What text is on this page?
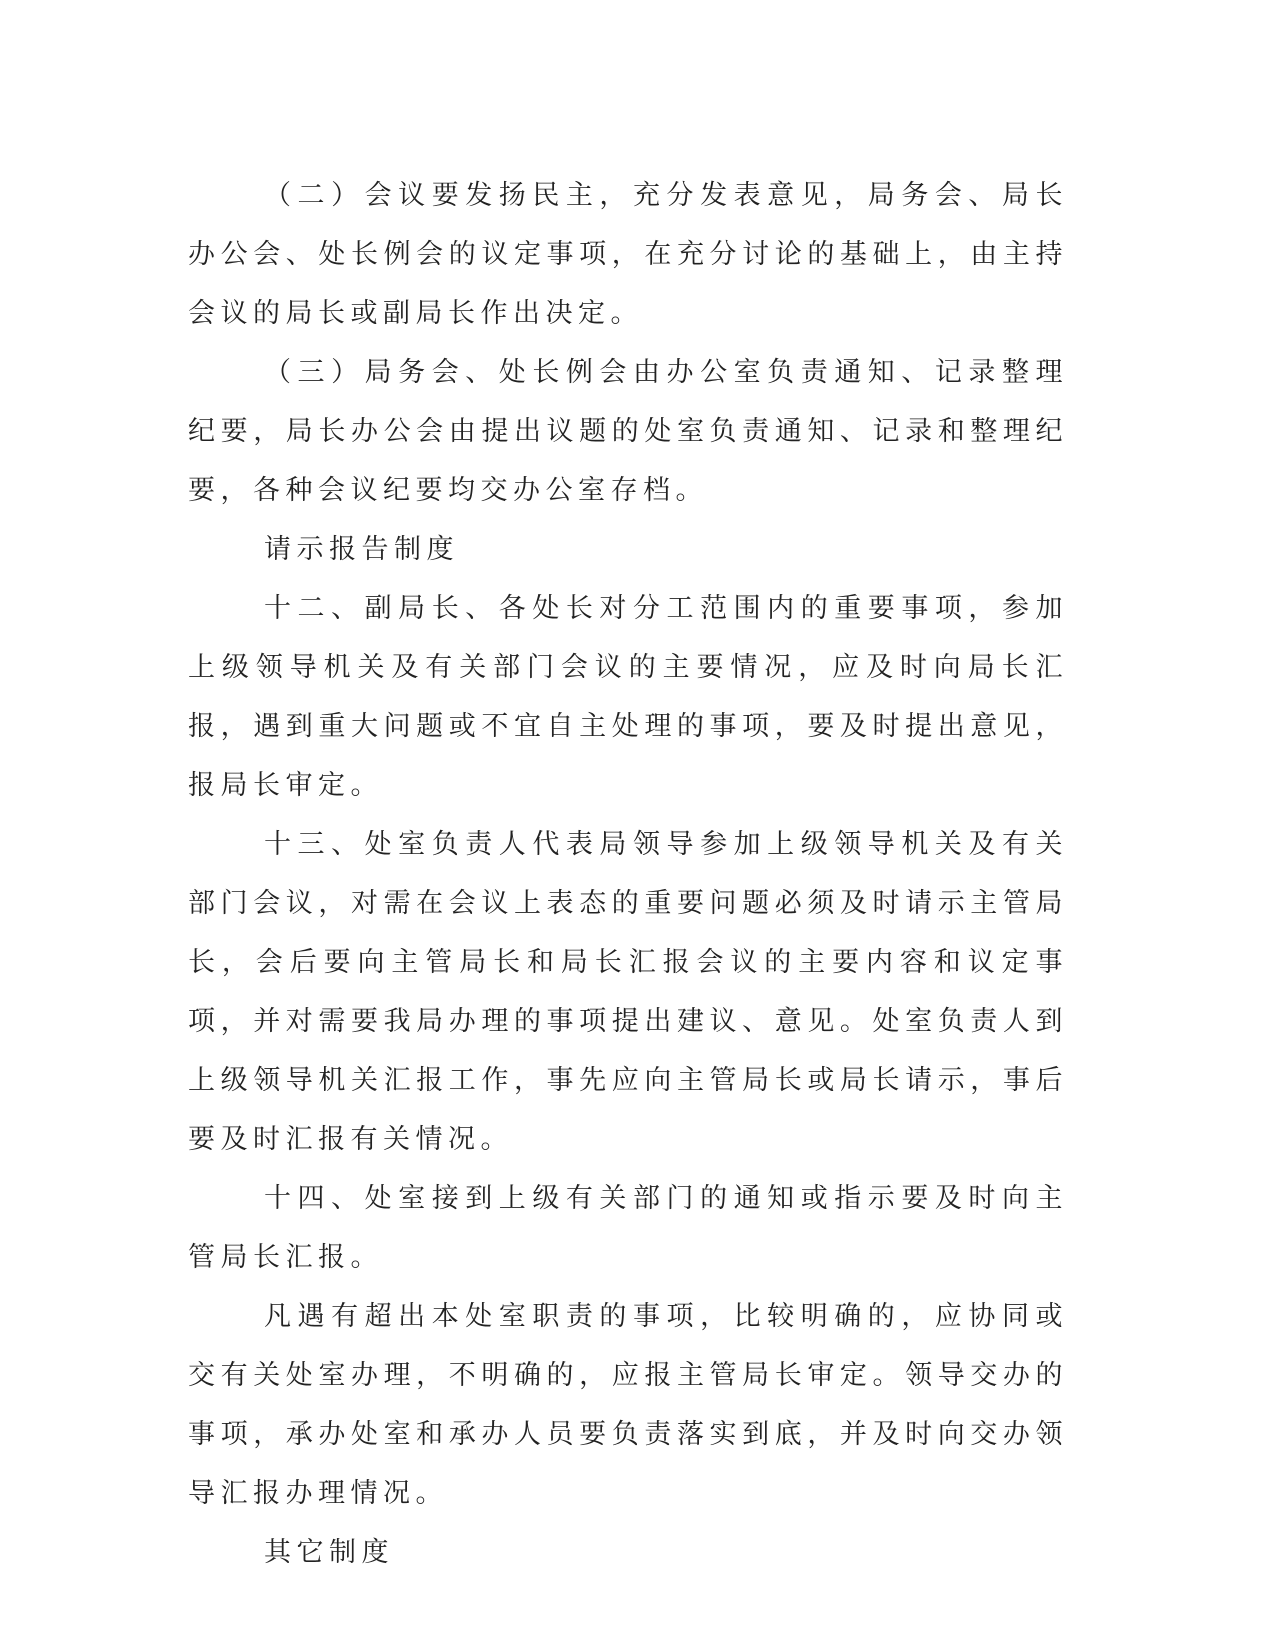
（二）会议要发扬民主，充分发表意见，局务会、局长办公会、处长例会的议定事项，在充分讨论的基础上，由主持会议的局长或副局长作出决定。

（三）局务会、处长例会由办公室负责通知、记录整理纪要，局长办公会由提出议题的处室负责通知、记录和整理纪要，各种会议纪要均交办公室存档。

请示报告制度

十二、副局长、各处长对分工范围内的重要事项，参加上级领导机关及有关部门会议的主要情况，应及时向局长汇报，遇到重大问题或不宜自主处理的事项，要及时提出意见，报局长审定。

十三、处室负责人代表局领导参加上级领导机关及有关部门会议，对需在会议上表态的重要问题必须及时请示主管局长，会后要向主管局长和局长汇报会议的主要内容和议定事项，并对需要我局办理的事项提出建议、意见。处室负责人到上级领导机关汇报工作，事先应向主管局长或局长请示，事后要及时汇报有关情况。

十四、处室接到上级有关部门的通知或指示要及时向主管局长汇报。

凡遇有超出本处室职责的事项，比较明确的，应协同或交有关处室办理，不明确的，应报主管局长审定。领导交办的事项，承办处室和承办人员要负责落实到底，并及时向交办领导汇报办理情况。

其它制度
